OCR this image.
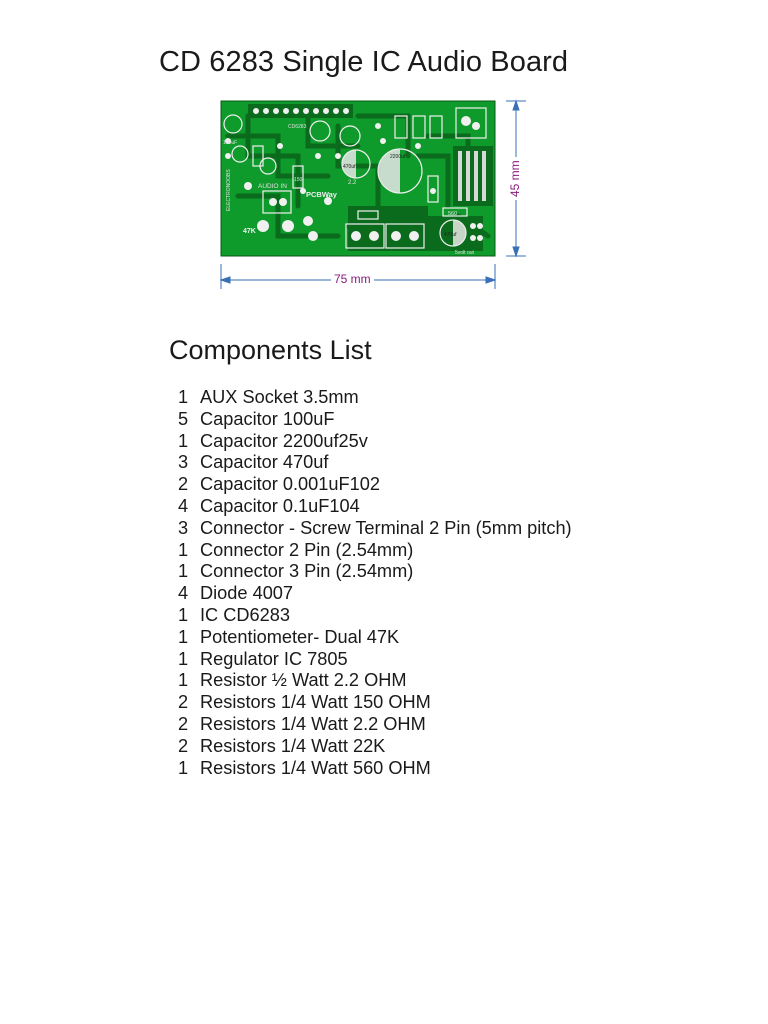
CD 6283 Single IC Audio Board
PCBWay
AUDIO IN
47K
CD6283
470uf
2200uf
100uF
560
470uf
2.2
150
5volt out
ELECTRONOOBS
75 mm
45 mm
Components List
1 AUX Socket 3.5mm
5 Capacitor 100uF
1 Capacitor 2200uf25v
3 Capacitor 470uf
2 Capacitor 0.001uF102
4 Capacitor 0.1uF104
3 Connector - Screw Terminal 2 Pin (5mm pitch)
1 Connector 2 Pin (2.54mm)
1 Connector 3 Pin (2.54mm)
4 Diode 4007
1 IC CD6283
1 Potentiometer- Dual 47K
1 Regulator IC 7805
1 Resistor ½ Watt 2.2 OHM
2 Resistors 1/4 Watt 150 OHM
2 Resistors 1/4 Watt 2.2 OHM
2 Resistors 1/4 Watt 22K
1 Resistors 1/4 Watt 560 OHM
